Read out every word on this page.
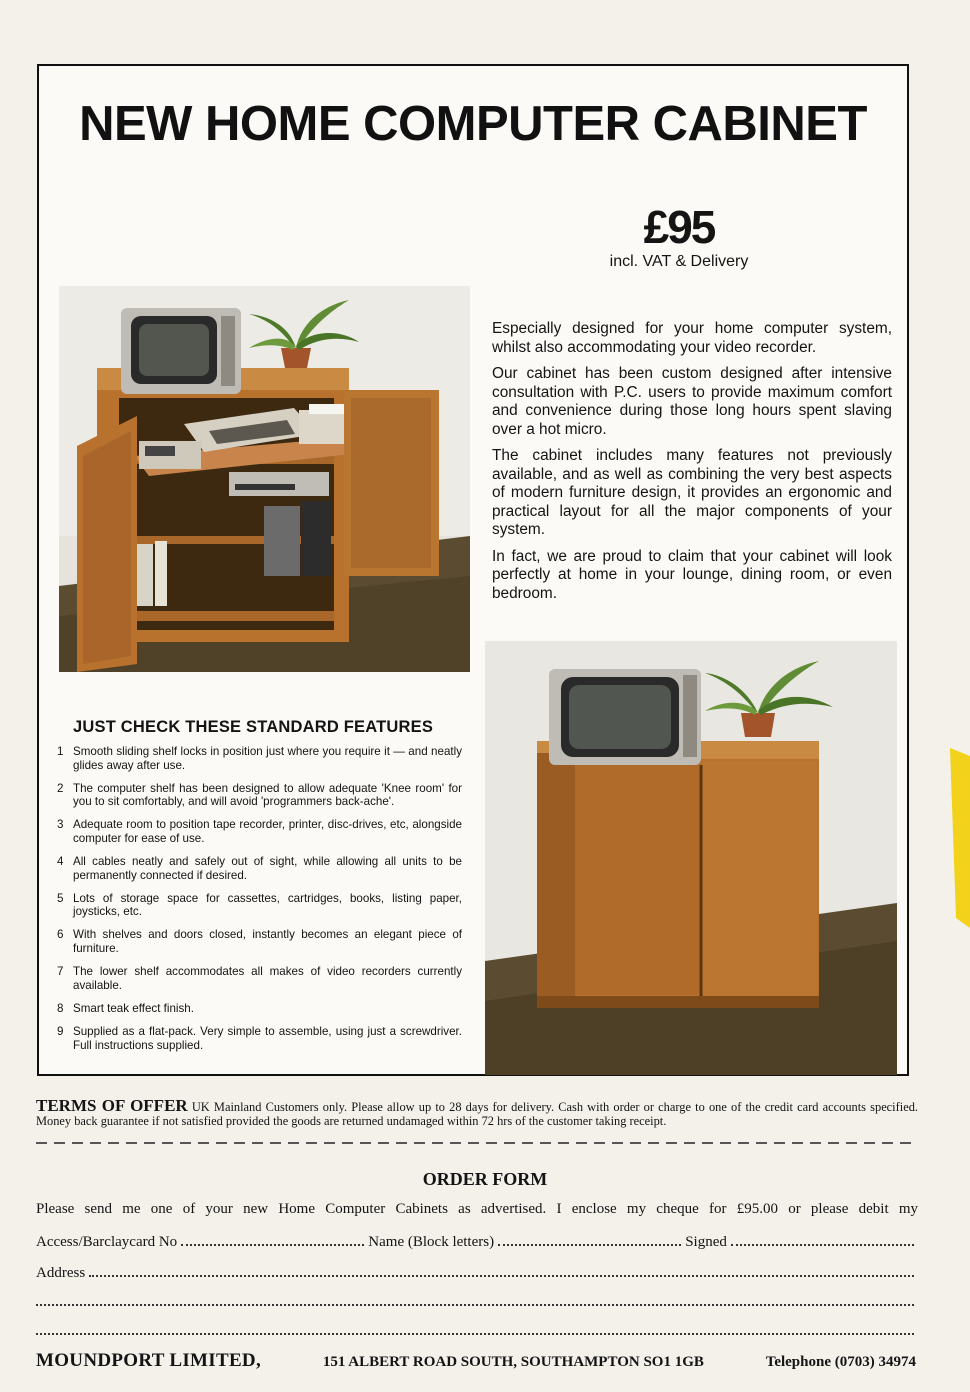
NEW HOME COMPUTER CABINET
£95
incl. VAT & Delivery

Especially designed for your home computer system, whilst also accommodating your video recorder.

Our cabinet has been custom designed after intensive consultation with P.C. users to provide maximum comfort and convenience during those long hours spent slaving over a hot micro.

The cabinet includes many features not previously available, and as well as combining the very best aspects of modern furniture design, it provides an ergonomic and practical layout for all the major components of your system.

In fact, we are proud to claim that your cabinet will look perfectly at home in your lounge, dining room, or even bedroom.

JUST CHECK THESE STANDARD FEATURES
1 Smooth sliding shelf locks in position just where you require it — and neatly glides away after use.
2 The computer shelf has been designed to allow adequate 'Knee room' for you to sit comfortably, and will avoid 'programmers back-ache'.
3 Adequate room to position tape recorder, printer, disc-drives, etc, alongside computer for ease of use.
4 All cables neatly and safely out of sight, while allowing all units to be permanently connected if desired.
5 Lots of storage space for cassettes, cartridges, books, listing paper, joysticks, etc.
6 With shelves and doors closed, instantly becomes an elegant piece of furniture.
7 The lower shelf accommodates all makes of video recorders currently available.
8 Smart teak effect finish.
9 Supplied as a flat-pack. Very simple to assemble, using just a screwdriver. Full instructions supplied.
TERMS OF OFFER UK Mainland Customers only. Please allow up to 28 days for delivery. Cash with order or charge to one of the credit card accounts specified. Money back guarantee if not satisfied provided the goods are returned undamaged within 72 hrs of the customer taking receipt.
ORDER FORM
Please send me one of your new Home Computer Cabinets as advertised. I enclose my cheque for £95.00 or please debit my
Access/Barclaycard No	Name (Block letters)	Signed
Address
MOUNDPORT LIMITED,	151 ALBERT ROAD SOUTH, SOUTHAMPTON SO1 1GB	Telephone (0703) 34974
